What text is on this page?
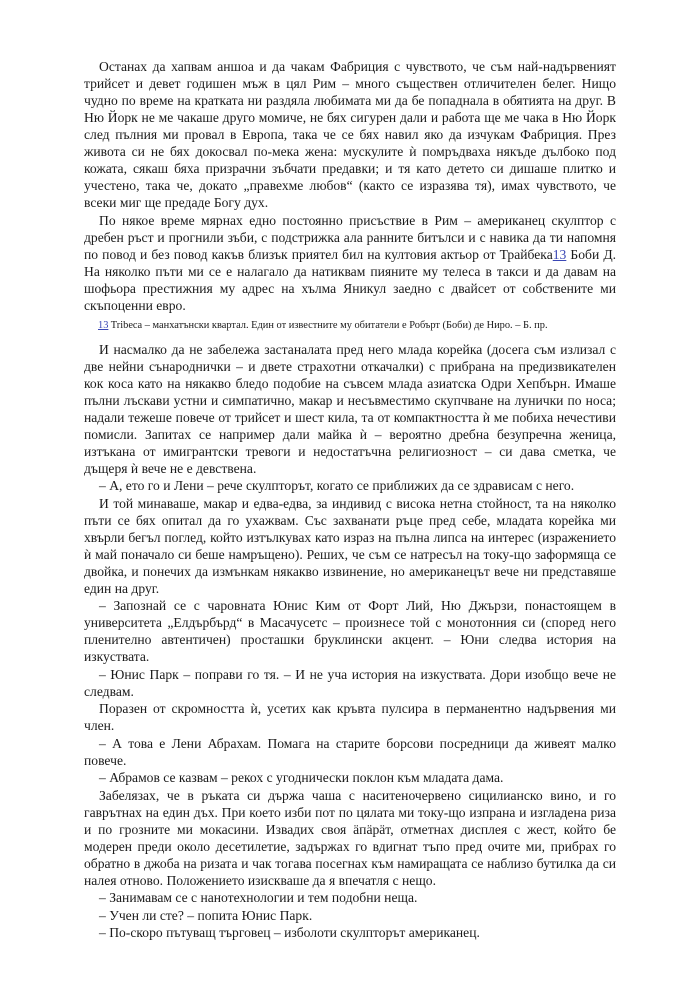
Останах да хапвам аншоа и да чакам Фабриция с чувството, че съм най-надървеният трийсет и девет годишен мъж в цял Рим – много съществен отличителен белег. Нищо чудно по време на кратката ни раздяла любимата ми да бе попаднала в обятията на друг. В Ню Йорк не ме чакаше друго момиче, не бях сигурен дали и работа ще ме чака в Ню Йорк след пълния ми провал в Европа, така че се бях навил яко да изчукам Фабриция. През живота си не бях докосвал по-мека жена: мускулите ѝ помръдваха някъде дълбоко под кожата, сякаш бяха призрачни зъбчати предавки; и тя като детето си дишаше плитко и учестено, така че, докато „правехме любов“ (както се изразява тя), имах чувството, че всеки миг ще предаде Богу дух.

По някое време мярнах едно постоянно присъствие в Рим – американец скулптор с дребен ръст и прогнили зъби, с подстрижка ала ранните битълси и с навика да ти напомня по повод и без повод какъв близък приятел бил на култовия актьор от Трайбека13 Боби Д. На няколко пъти ми се е налагало да натиквам пияните му телеса в такси и да давам на шофьора престижния му адрес на хълма Яникул заедно с двайсет от собствените ми скъпоценни евро.

13 Tribeca – манхатънски квартал. Един от известните му обитатели е Робърт (Боби) де Ниро. – Б. пр.

И насмалко да не забележа застаналата пред него млада корейка (досега съм излизал с две нейни сънароднички – и двете страхотни откачалки) с прибрана на предизвикателен кок коса като на някакво бледо подобие на съвсем млада азиатска Одри Хепбърн. Имаше пълни лъскави устни и симпатично, макар и несъвместимо скупчване на лунички по носа; надали тежеше повече от трийсет и шест кила, та от компактността ѝ ме побиха нечестиви помисли. Запитах се например дали майка ѝ – вероятно дребна безупречна женица, изтъкана от имигрантски тревоги и недостатъчна религиозност – си дава сметка, че дъщеря ѝ вече не е девствена.

– А, ето го и Лени – рече скулпторът, когато се приближих да се здрависам с него.

И той минаваше, макар и едва-едва, за индивид с висока нетна стойност, та на няколко пъти се бях опитал да го ухажвам. Със захванати ръце пред себе, младата корейка ми хвърли бегъл поглед, който изтълкувах като израз на пълна липса на интерес (изражението ѝ май поначало си беше намръщено). Реших, че съм се натресъл на току-що заформяща се двойка, и понечих да измънкам някакво извинение, но американецът вече ни представяше един на друг.

– Запознай се с чаровната Юнис Ким от Форт Лий, Ню Джързи, понастоящем в университета „Елдърбърд“ в Масачусетс – произнесе той с монотонния си (според него пленително автентичен) просташки бруклински акцент. – Юни следва история на изкуствата.

– Юнис Парк – поправи го тя. – И не уча история на изкуствата. Дори изобщо вече не следвам.

Поразен от скромността ѝ, усетих как кръвта пулсира в перманентно надървения ми член.

– А това е Лени Абрахам. Помага на старите борсови посредници да живеят малко повече.

– Абрамов се казвам – рекох с угоднически поклон към младата дама.

Забелязах, че в ръката си държа чаша с наситеночервено сицилианско вино, и го гаврътнах на един дъх. При което изби пот по цялата ми току-що изпрана и изгладена риза и по грозните ми мокасини. Извадих своя äпäрäт, отметнах дисплея с жест, който бе модерен преди около десетилетие, задържах го вдигнат тъпо пред очите ми, прибрах го обратно в джоба на ризата и чак тогава посегнах към намиращата се наблизо бутилка да си налея отново. Положението изискваше да я впечатля с нещо.

– Занимавам се с нанотехнологии и тем подобни неща.

– Учен ли сте? – попита Юнис Парк.

– По-скоро пътуващ търговец – изболоти скулпторът американец.
